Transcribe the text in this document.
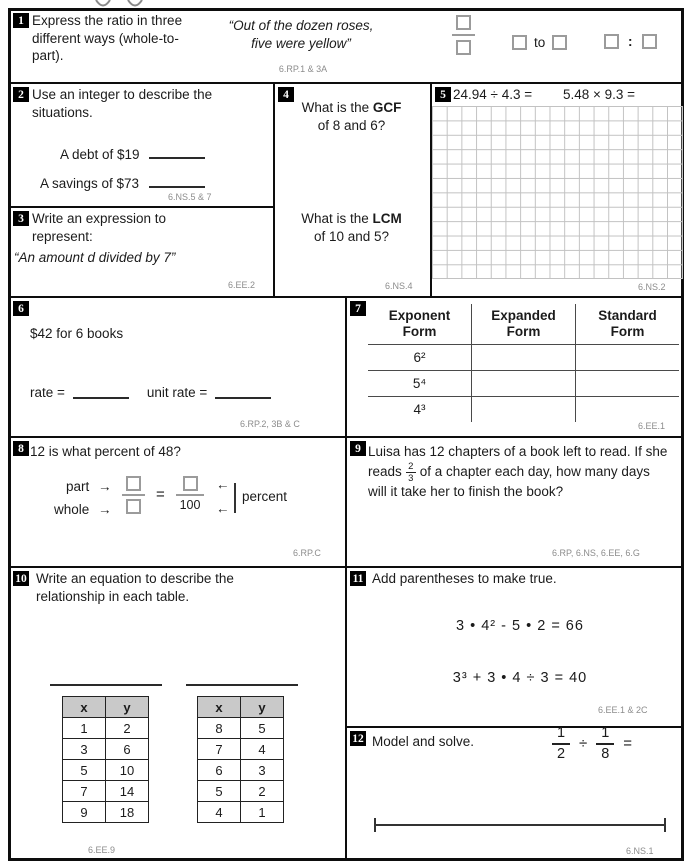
1 Express the ratio in three different ways (whole-to-part).
“Out of the dozen roses,
five were yellow”
6.RP.1 & 3A
to	:
2 Use an integer to describe the situations.
A debt of $19
A savings of $73
6.NS.5 & 7
3 Write an expression to represent:
“An amount d divided by 7”
6.EE.2
4
What is the GCF
of 8 and 6?
What is the LCM
of 10 and 5?
6.NS.4
5 24.94 ÷ 4.3 = 5.48 × 9.3 =
6.NS.2
6
$42 for 6 books
rate =	unit rate =
6.RP.2, 3B & C
7	Exponent Form	Expanded Form	Standard Form
6²		
5⁴		
4³		
6.EE.1
8 12 is what percent of 48?
part →
whole →
=
100
←
←
percent
6.RP.C
9 Luisa has 12 chapters of a book left to read. If she reads $\frac{2}{3}$ of a chapter each day, how many days will it take her to finish the book?
6.RP, 6.NS, 6.EE, 6.G
10 Write an equation to describe the relationship in each table.
x	y
1	2
3	6
5	10
7	14
9	18
x	y
8	5
7	4
6	3
5	2
4	1
6.EE.9
11 Add parentheses to make true.
3 • 4² - 5 • 2 = 66
3³ + 3 • 4 ÷ 3 = 40
6.EE.1 & 2C
12 Model and solve.	$\frac{1}{2} \div \frac{1}{8}$ =
6.NS.1
